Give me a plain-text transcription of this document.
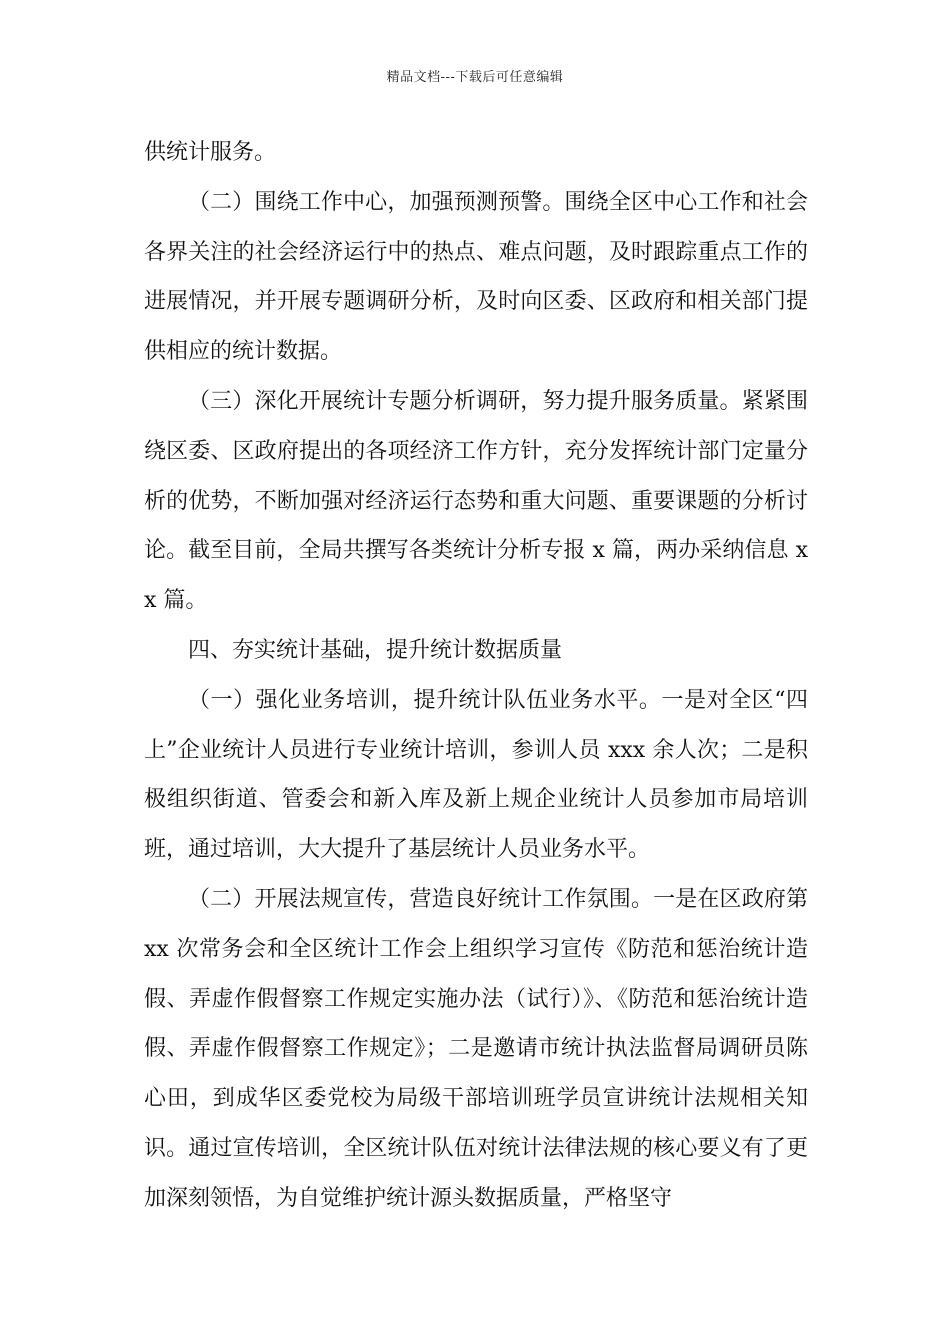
精品文档---下载后可任意编辑

供统计服务。

（二）围绕工作中心，加强预测预警。围绕全区中心工作和社会各界关注的社会经济运行中的热点、难点问题，及时跟踪重点工作的进展情况，并开展专题调研分析，及时向区委、区政府和相关部门提供相应的统计数据。

（三）深化开展统计专题分析调研，努力提升服务质量。紧紧围绕区委、区政府提出的各项经济工作方针，充分发挥统计部门定量分析的优势，不断加强对经济运行态势和重大问题、重要课题的分析讨论。截至目前，全局共撰写各类统计分析专报 x 篇，两办采纳信息 xx 篇。

四、夯实统计基础，提升统计数据质量

（一）强化业务培训，提升统计队伍业务水平。一是对全区“四上”企业统计人员进行专业统计培训，参训人员 xxx 余人次；二是积极组织街道、管委会和新入库及新上规企业统计人员参加市局培训班，通过培训，大大提升了基层统计人员业务水平。

（二）开展法规宣传，营造良好统计工作氛围。一是在区政府第 xx 次常务会和全区统计工作会上组织学习宣传《防范和惩治统计造假、弄虚作假督察工作规定实施办法（试行）》、《防范和惩治统计造假、弄虚作假督察工作规定》；二是邀请市统计执法监督局调研员陈心田，到成华区委党校为局级干部培训班学员宣讲统计法规相关知识。通过宣传培训，全区统计队伍对统计法律法规的核心要义有了更加深刻领悟，为自觉维护统计源头数据质量，严格坚守
